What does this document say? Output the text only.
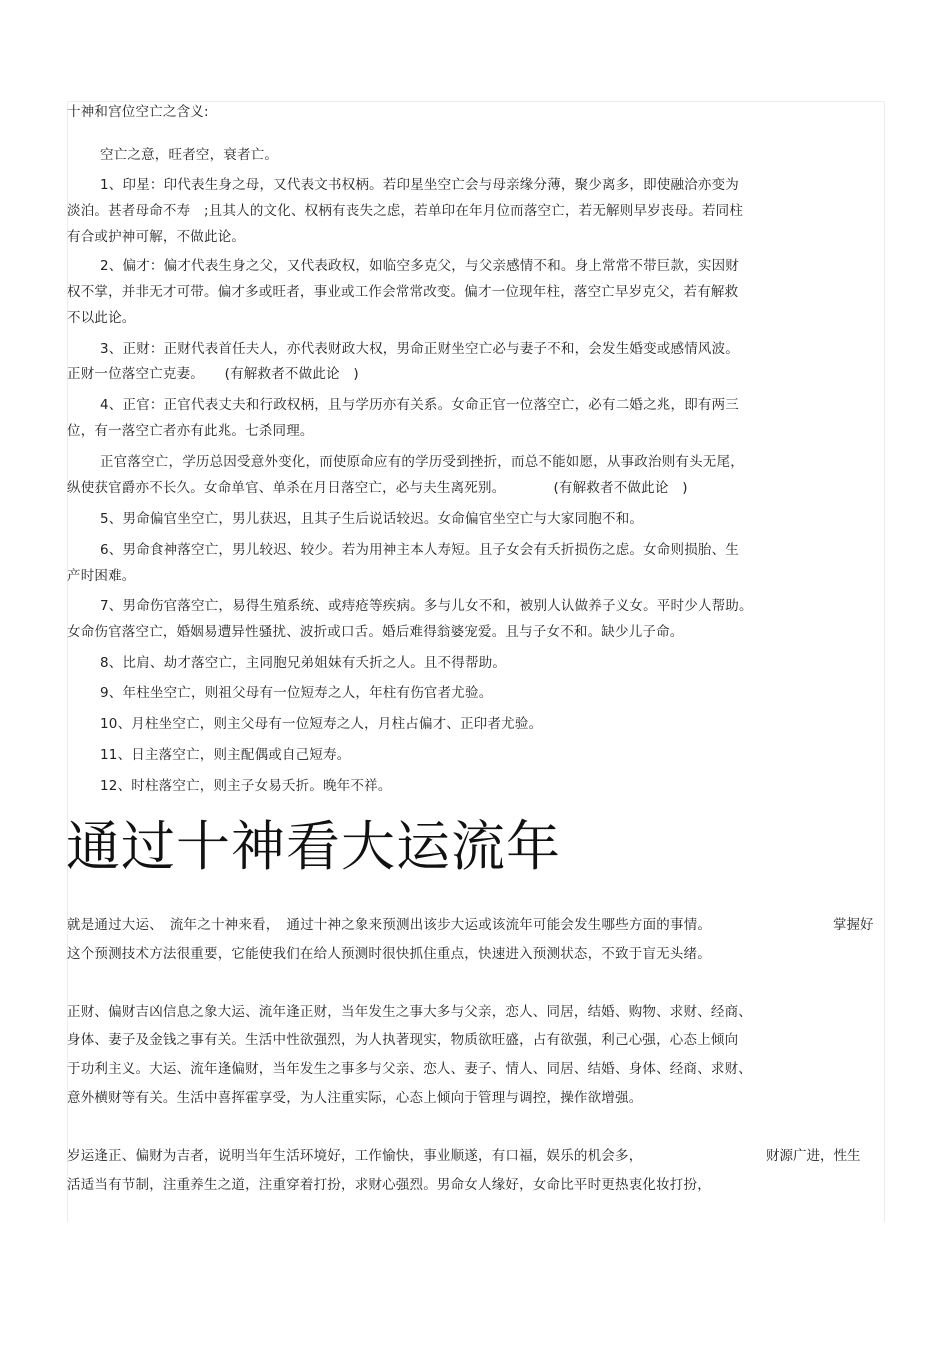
十神和宫位空亡之含义:
空亡之意，旺者空，衰者亡。
1、印星：印代表生身之母，又代表文书权柄。若印星坐空亡会与母亲缘分薄，聚少离多，即使融洽亦变为
淡泊。甚者母命不寿　;且其人的文化、权柄有丧失之虑，若单印在年月位而落空亡，若无解则早岁丧母。若同柱
有合或护神可解，不做此论。
2、偏才：偏才代表生身之父，又代表政权，如临空多克父，与父亲感情不和。身上常常不带巨款，实因财
权不掌，并非无才可带。偏才多或旺者，事业或工作会常常改变。偏才一位现年柱，落空亡早岁克父，若有解救
不以此论。
3、正财：正财代表首任夫人，亦代表财政大权，男命正财坐空亡必与妻子不和，会发生婚变或感情风波。
正财一位落空亡克妻。　　(有解救者不做此论　)
4、正官：正官代表丈夫和行政权柄，且与学历亦有关系。女命正官一位落空亡，必有二婚之兆，即有两三
位，有一落空亡者亦有此兆。七杀同理。
正官落空亡，学历总因受意外变化，而使原命应有的学历受到挫折，而总不能如愿，从事政治则有头无尾，
纵使获官爵亦不长久。女命单官、单杀在月日落空亡，必与夫生离死别。　　　　(有解救者不做此论　)
5、男命偏官坐空亡，男儿获迟，且其子生后说话较迟。女命偏官坐空亡与大家同胞不和。
6、男命食神落空亡，男儿较迟、较少。若为用神主本人寿短。且子女会有夭折损伤之虑。女命则损胎、生
产时困难。
7、男命伤官落空亡，易得生殖系统、或痔疮等疾病。多与儿女不和，被别人认做养子义女。平时少人帮助。
女命伤官落空亡，婚姻易遭异性骚扰、波折或口舌。婚后难得翁婆宠爱。且与子女不和。缺少儿子命。
8、比肩、劫才落空亡，主同胞兄弟姐妹有夭折之人。且不得帮助。
9、年柱坐空亡，则祖父母有一位短寿之人，年柱有伤官者尤验。
10、月柱坐空亡，则主父母有一位短寿之人，月柱占偏才、正印者尤验。
11、日主落空亡，则主配偶或自己短寿。
12、时柱落空亡，则主子女易夭折。晚年不祥。
通过十神看大运流年
就是通过大运、　流年之十神来看，　通过十神之象来预测出该步大运或该流年可能会发生哪些方面的事情。	掌握好
这个预测技术方法很重要，它能使我们在给人预测时很快抓住重点，快速进入预测状态，不致于盲无头绪。
正财、偏财吉凶信息之象大运、流年逢正财，当年发生之事大多与父亲，恋人、同居，结婚、购物、求财、经商、
身体、妻子及金钱之事有关。生活中性欲强烈，为人执著现实，物质欲旺盛，占有欲强，利己心强，心态上倾向
于功利主义。大运、流年逢偏财，当年发生之事多与父亲、恋人、妻子、情人、同居、结婚、身体、经商、求财、
意外横财等有关。生活中喜挥霍享受，为人注重实际，心态上倾向于管理与调控，操作欲增强。
岁运逢正、偏财为吉者，说明当年生活环境好，工作愉快，事业顺遂，有口福，娱乐的机会多，	财源广进，性生
活适当有节制，注重养生之道，注重穿着打扮，求财心强烈。男命女人缘好，女命比平时更热衷化妆打扮，
